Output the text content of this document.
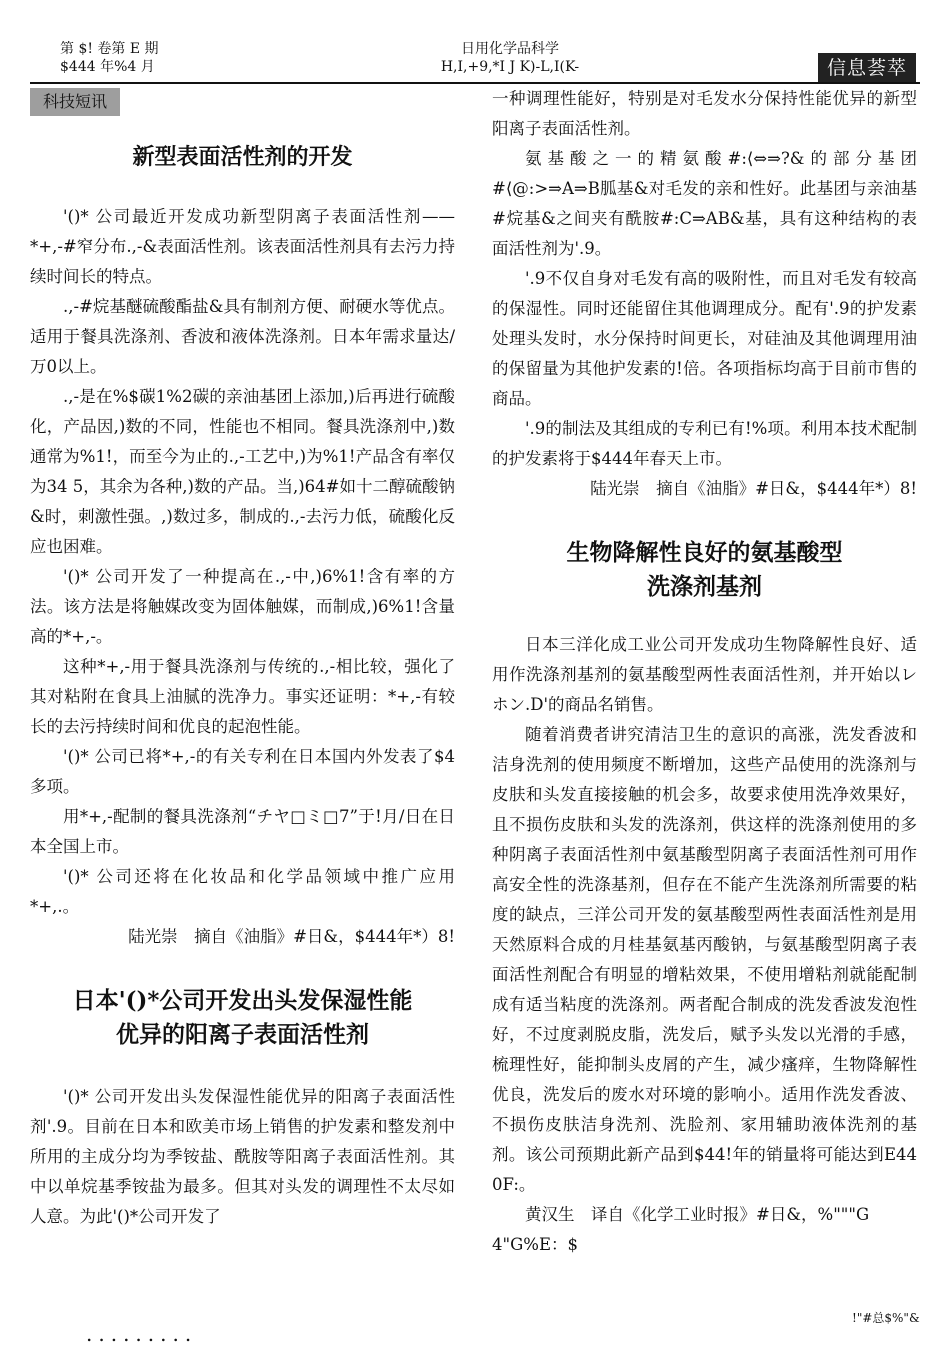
第 $! 卷第 E 期
$444 年%4 月
日用化学品科学
H,I,+9,*I J K)-L,I(K-	信息荟萃
科技短讯
新型表面活性剂的开发

'()* 公司最近开发成功新型阴离子表面活性剂——*+,-#窄分布.,-&表面活性剂。该表面活性剂具有去污力持续时间长的特点。

.,-#烷基醚硫酸酯盐&具有制剂方便、耐硬水等优点。适用于餐具洗涤剂、香波和液体洗涤剂。日本年需求量达/万0以上。

.,-是在%$碳1%2碳的亲油基团上添加,)后再进行硫酸化，产品因,)数的不同，性能也不相同。餐具洗涤剂中,)数通常为%1!，而至今为止的.,-工艺中,)为%1!产品含有率仅为34 5，其余为各种,)数的产品。当,)64#如十二醇硫酸钠&时，刺激性强。,)数过多，制成的.,-去污力低，硫酸化反应也困难。

'()* 公司开发了一种提高在.,-中,)6%1!含有率的方法。该方法是将触媒改变为固体触媒，而制成,)6%1!含量高的*+,-。

这种*+,-用于餐具洗涤剂与传统的.,-相比较，强化了其对粘附在食具上油腻的洗净力。事实还证明：*+,-有较长的去污持续时间和优良的起泡性能。

'()* 公司已将*+,-的有关专利在日本国内外发表了$4多项。

用*+,-配制的餐具洗涤剂“チヤ□ミ□7”于!月/日在日本全国上市。

'()* 公司还将在化妆品和化学品领域中推广应用*+,.。

陆光崇　摘自《油脂》#日&，$444年*）8!

日本'()*公司开发出头发保湿性能
优异的阳离子表面活性剂

'()* 公司开发出头发保湿性能优异的阳离子表面活性剂'.9。目前在日本和欧美市场上销售的护发素和整发剂中所用的主成分均为季铵盐、酰胺等阳离子表面活性剂。其中以单烷基季铵盐为最多。但其对头发的调理性不太尽如人意。为此'()*公司开发了

一种调理性能好，特别是对毛发水分保持性能优异的新型阳离子表面活性剂。

氨基酸之一的精氨酸#:⟨⇔⇒?&的部分基团#⟨@:>⇒A⇒B胍基&对毛发的亲和性好。此基团与亲油基#烷基&之间夹有酰胺#:C⇒AB&基，具有这种结构的表面活性剂为'.9。

'.9不仅自身对毛发有高的吸附性，而且对毛发有较高的保湿性。同时还能留住其他调理成分。配有'.9的护发素处理头发时，水分保持时间更长，对硅油及其他调理用油的保留量为其他护发素的!倍。各项指标均高于目前市售的商品。

'.9的制法及其组成的专利已有!%项。利用本技术配制的护发素将于$444年春天上市。

陆光崇　摘自《油脂》#日&，$444年*）8!

生物降解性良好的氨基酸型
洗涤剂基剂

日本三洋化成工业公司开发成功生物降解性良好、适用作洗涤剂基剂的氨基酸型两性表面活性剂，并开始以レホン.D'的商品名销售。

随着消费者讲究清洁卫生的意识的高涨，洗发香波和洁身洗剂的使用频度不断增加，这些产品使用的洗涤剂与皮肤和头发直接接触的机会多，故要求使用洗净效果好，且不损伤皮肤和头发的洗涤剂，供这样的洗涤剂使用的多种阴离子表面活性剂中氨基酸型阴离子表面活性剂可用作高安全性的洗涤基剂，但存在不能产生洗涤剂所需要的粘度的缺点，三洋公司开发的氨基酸型两性表面活性剂是用天然原料合成的月桂基氨基丙酸钠，与氨基酸型阴离子表面活性剂配合有明显的增粘效果，不使用增粘剂就能配制成有适当粘度的洗涤剂。两者配合制成的洗发香波发泡性好，不过度剥脱皮脂，洗发后，赋予头发以光滑的手感，梳理性好，能抑制头皮屑的产生，减少瘙痒，生物降解性优良，洗发后的废水对环境的影响小。适用作洗发香波、不损伤皮肤洁身洗剂、洗脸剂、家用辅助液体洗剂的基剂。该公司预期此新产品到$44!年的销量将可能达到E44 0F:。

黄汉生　译自《化学工业时报》#日&，%"""G 4"G%E：$

!"#总$%"&
.........
